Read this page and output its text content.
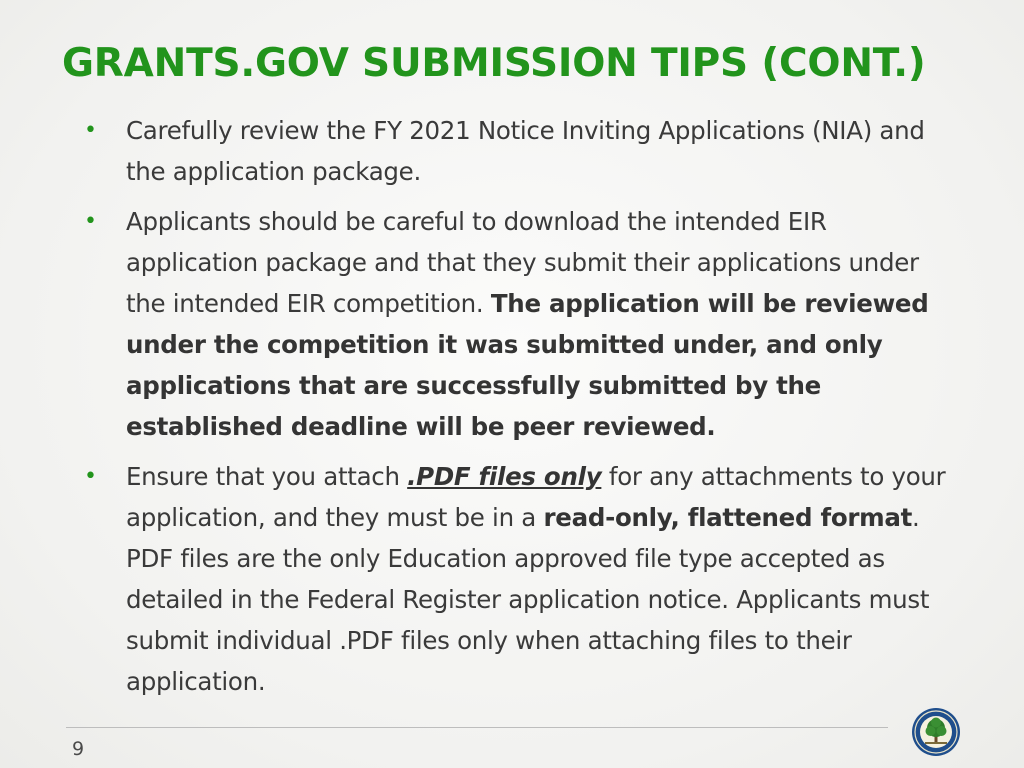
GRANTS.GOV SUBMISSION TIPS (CONT.)
• Carefully review the FY 2021 Notice Inviting Applications (NIA) and the application package.
• Applicants should be careful to download the intended EIR application package and that they submit their applications under the intended EIR competition. The application will be reviewed under the competition it was submitted under, and only applications that are successfully submitted by the established deadline will be peer reviewed.
• Ensure that you attach .PDF files only for any attachments to your application, and they must be in a read-only, flattened format. PDF files are the only Education approved file type accepted as detailed in the Federal Register application notice. Applicants must submit individual .PDF files only when attaching files to their application.
9
